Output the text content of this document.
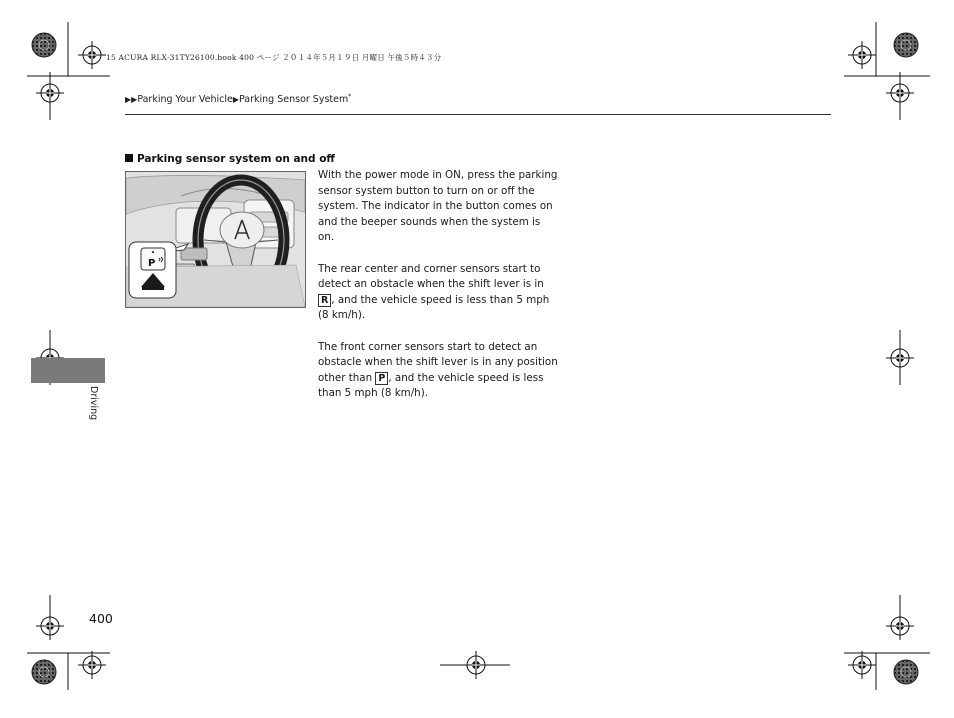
15 ACURA RLX-31TY26100.book 400 ページ ２０１４年５月１９日 月曜日 午後５時４３分
▶▶Parking Your Vehicle▶Parking Sensor System*
Parking sensor system on and off
▲
P

With the power mode in ON, press the parking sensor system button to turn on or off the system. The indicator in the button comes on and the beeper sounds when the system is on.

The rear center and corner sensors start to detect an obstacle when the shift lever is in R , and the vehicle speed is less than 5 mph (8 km/h).

The front corner sensors start to detect an obstacle when the shift lever is in any position other than P , and the vehicle speed is less than 5 mph (8 km/h).

Driving
400
